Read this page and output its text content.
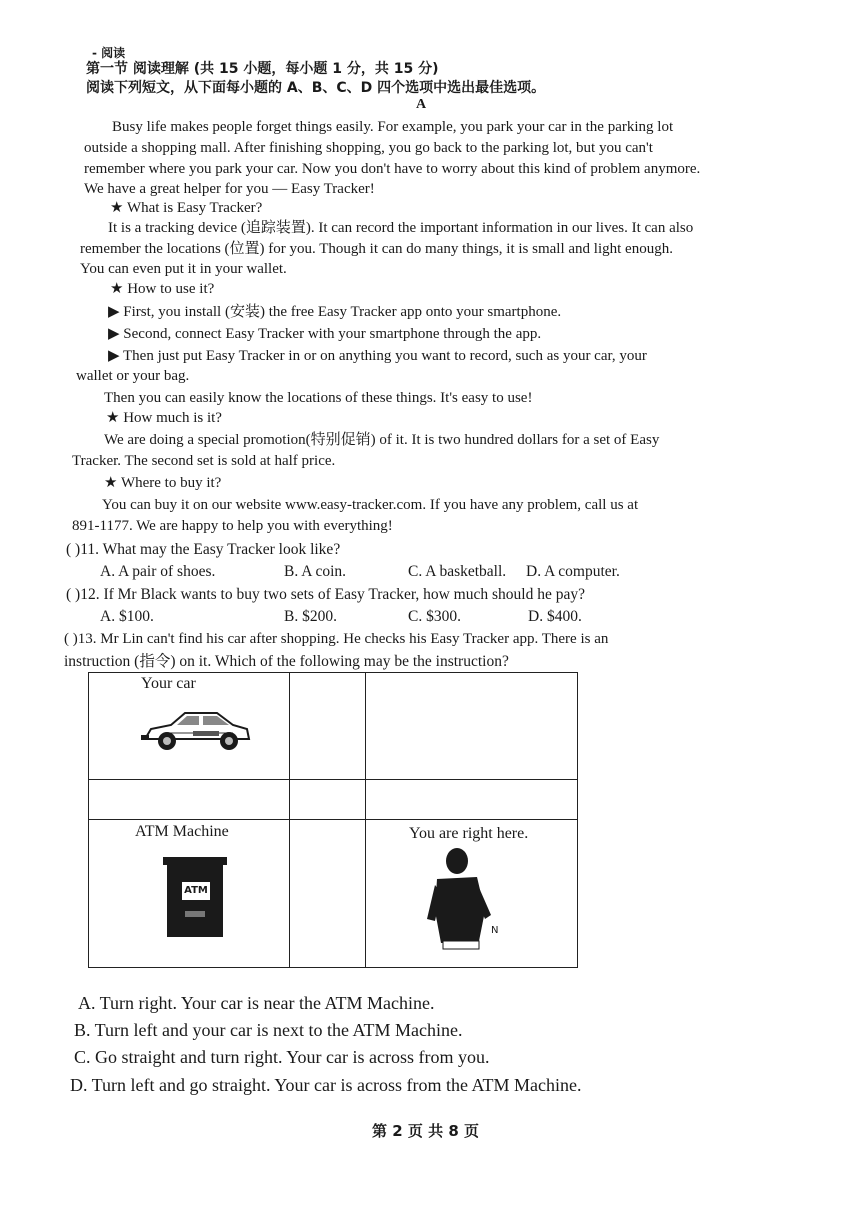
- 阅读
第一节 阅读理解 (共 15 小题，每小题 1 分，共 15 分)
阅读下列短文，从下面每小题的 A、B、C、D 四个选项中选出最佳选项。
A
Busy life makes people forget things easily. For example, you park your car in the parking lot
outside a shopping mall. After finishing shopping, you go back to the parking lot, but you can't
remember where you park your car. Now you don't have to worry about this kind of problem anymore.
We have a great helper for you — Easy Tracker!
★ What is Easy Tracker?
It is a tracking device (追踪装置). It can record the important information in our lives. It can also
remember the locations (位置) for you. Though it can do many things, it is small and light enough.
You can even put it in your wallet.
★ How to use it?
▶ First, you install (安装) the free Easy Tracker app onto your smartphone.
▶ Second, connect Easy Tracker with your smartphone through the app.
▶ Then just put Easy Tracker in or on anything you want to record, such as your car, your
wallet or your bag.
Then you can easily know the locations of these things. It's easy to use!
★ How much is it?
We are doing a special promotion(特别促销) of it. It is two hundred dollars for a set of Easy
Tracker. The second set is sold at half price.
★ Where to buy it?
You can buy it on our website www.easy-tracker.com. If you have any problem, call us at
891-1177. We are happy to help you with everything!
( )11. What may the Easy Tracker look like?
A. A pair of shoes.	B. A coin.	C. A basketball. D. A computer.
( )12. If Mr Black wants to buy two sets of Easy Tracker, how much should he pay?
A. $100.	B. $200.	C. $300.	D. $400.
( )13. Mr Lin can't find his car after shopping. He checks his Easy Tracker app. There is an
instruction (指令) on it. Which of the following may be the instruction?
Your car
ATM Machine
ATM
You are right here.
N
A. Turn right. Your car is near the ATM Machine.
B. Turn left and your car is next to the ATM Machine.
C. Go straight and turn right. Your car is across from you.
D. Turn left and go straight. Your car is across from the ATM Machine.
第 2 页 共 8 页
